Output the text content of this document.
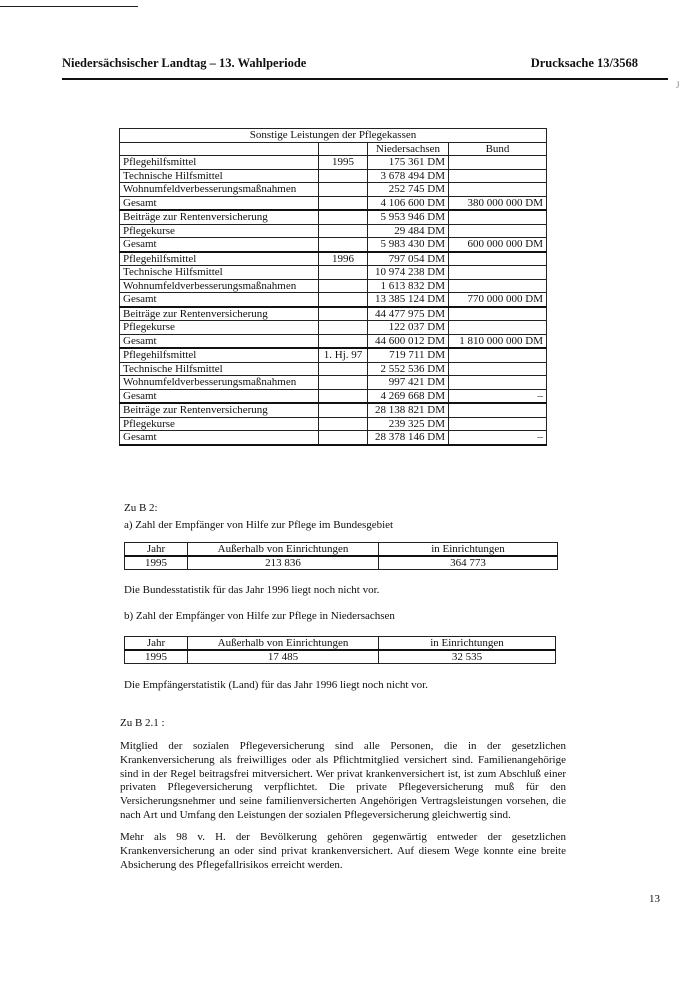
Niedersächsischer Landtag – 13. Wahlperiode	Drucksache 13/3568
J
Sonstige Leistungen der Pflegekassen			
		Niedersachsen	Bund
Pflegehilfsmittel	1995	175 361 DM	
Technische Hilfsmittel		3 678 494 DM	
Wohnumfeldverbesserungsmaßnahmen		252 745 DM	
Gesamt		4 106 600 DM	380 000 000 DM
Beiträge zur Rentenversicherung		5 953 946 DM	
Pflegekurse		29 484 DM	
Gesamt		5 983 430 DM	600 000 000 DM
Pflegehilfsmittel	1996	797 054 DM	
Technische Hilfsmittel		10 974 238 DM	
Wohnumfeldverbesserungsmaßnahmen		1 613 832 DM	
Gesamt		13 385 124 DM	770 000 000 DM
Beiträge zur Rentenversicherung		44 477 975 DM	
Pflegekurse		122 037 DM	
Gesamt		44 600 012 DM	1 810 000 000 DM
Pflegehilfsmittel	1. Hj. 97	719 711 DM	
Technische Hilfsmittel		2 552 536 DM	
Wohnumfeldverbesserungsmaßnahmen		997 421 DM	
Gesamt		4 269 668 DM	–
Beiträge zur Rentenversicherung		28 138 821 DM	
Pflegekurse		239 325 DM	
Gesamt		28 378 146 DM	–
Zu B 2:
a) Zahl der Empfänger von Hilfe zur Pflege im Bundesgebiet
Jahr	Außerhalb von Einrichtungen	in Einrichtungen
1995	213 836	364 773
Die Bundesstatistik für das Jahr 1996 liegt noch nicht vor.
b) Zahl der Empfänger von Hilfe zur Pflege in Niedersachsen
Jahr	Außerhalb von Einrichtungen	in Einrichtungen
1995	17 485	32 535
Die Empfängerstatistik (Land) für das Jahr 1996 liegt noch nicht vor.
Zu B 2.1 :
Mitglied der sozialen Pflegeversicherung sind alle Personen, die in der gesetzlichen Krankenversicherung als freiwilliges oder als Pflichtmitglied versichert sind. Familienangehörige sind in der Regel beitragsfrei mitversichert. Wer privat krankenversichert ist, ist zum Abschluß einer privaten Pflegeversicherung verpflichtet. Die private Pflegeversicherung muß für den Versicherungsnehmer und seine familienversicherten Angehörigen Vertragsleistungen vorsehen, die nach Art und Umfang den Leistungen der sozialen Pflegeversicherung gleichwertig sind.
Mehr als 98 v. H. der Bevölkerung gehören gegenwärtig entweder der gesetzlichen Krankenversicherung an oder sind privat krankenversichert. Auf diesem Wege konnte eine breite Absicherung des Pflegefallrisikos erreicht werden.
13
